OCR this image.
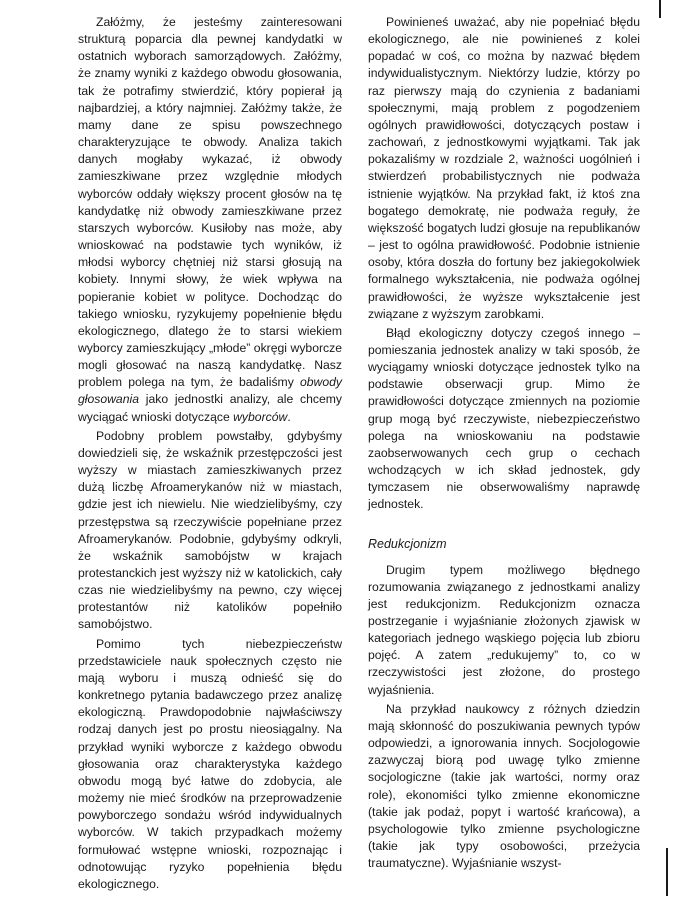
Załóżmy, że jesteśmy zainteresowani strukturą poparcia dla pewnej kandydatki w ostatnich wyborach samorządowych. Załóżmy, że znamy wyniki z każdego obwodu głosowania, tak że potrafimy stwierdzić, który popierał ją najbardziej, a który najmniej. Załóżmy także, że mamy dane ze spisu powszechnego charakteryzujące te obwody. Analiza takich danych mogłaby wykazać, iż obwody zamieszkiwane przez względnie młodych wyborców oddały większy procent głosów na tę kandydatkę niż obwody zamieszkiwane przez starszych wyborców. Kusiłoby nas może, aby wnioskować na podstawie tych wyników, iż młodsi wyborcy chętniej niż starsi głosują na kobiety. Innymi słowy, że wiek wpływa na popieranie kobiet w polityce. Dochodząc do takiego wniosku, ryzykujemy popełnienie błędu ekologicznego, dlatego że to starsi wiekiem wyborcy zamieszkujący „młode” okręgi wyborcze mogli głosować na naszą kandydatkę. Nasz problem polega na tym, że badaliśmy obwody głosowania jako jednostki analizy, ale chcemy wyciągać wnioski dotyczące wyborców.

Podobny problem powstałby, gdybyśmy dowiedzieli się, że wskaźnik przestępczości jest wyższy w miastach zamieszkiwanych przez dużą liczbę Afroamerykanów niż w miastach, gdzie jest ich niewielu. Nie wiedzielibyśmy, czy przestępstwa są rzeczywiście popełniane przez Afroamerykanów. Podobnie, gdybyśmy odkryli, że wskaźnik samobójstw w krajach protestanckich jest wyższy niż w katolickich, cały czas nie wiedzielibyśmy na pewno, czy więcej protestantów niż katolików popełniło samobójstwo.

Pomimo tych niebezpieczeństw przedstawiciele nauk społecznych często nie mają wyboru i muszą odnieść się do konkretnego pytania badawczego przez analizę ekologiczną. Prawdopodobnie najwłaściwszy rodzaj danych jest po prostu nieosiągalny. Na przykład wyniki wyborcze z każdego obwodu głosowania oraz charakterystyka każdego obwodu mogą być łatwe do zdobycia, ale możemy nie mieć środków na przeprowadzenie powyborczego sondażu wśród indywidualnych wyborców. W takich przypadkach możemy formułować wstępne wnioski, rozpoznając i odnotowując ryzyko popełnienia błędu ekologicznego.

Powinieneś uważać, aby nie popełniać błędu ekologicznego, ale nie powinieneś z kolei popadać w coś, co można by nazwać błędem indywidualistycznym. Niektórzy ludzie, którzy po raz pierwszy mają do czynienia z badaniami społecznymi, mają problem z pogodzeniem ogólnych prawidłowości, dotyczących postaw i zachowań, z jednostkowymi wyjątkami. Tak jak pokazaliśmy w rozdziale 2, ważności uogólnień i stwierdzeń probabilistycznych nie podważa istnienie wyjątków. Na przykład fakt, iż ktoś zna bogatego demokratę, nie podważa reguły, że większość bogatych ludzi głosuje na republikanów – jest to ogólna prawidłowość. Podobnie istnienie osoby, która doszła do fortuny bez jakiegokolwiek formalnego wykształcenia, nie podważa ogólnej prawidłowości, że wyższe wykształcenie jest związane z wyższym zarobkami.

Błąd ekologiczny dotyczy czegoś innego – pomieszania jednostek analizy w taki sposób, że wyciągamy wnioski dotyczące jednostek tylko na podstawie obserwacji grup. Mimo że prawidłowości dotyczące zmiennych na poziomie grup mogą być rzeczywiste, niebezpieczeństwo polega na wnioskowaniu na podstawie zaobserwowanych cech grup o cechach wchodzących w ich skład jednostek, gdy tymczasem nie obserwowaliśmy naprawdę jednostek.

Redukcjonizm

Drugim typem możliwego błędnego rozumowania związanego z jednostkami analizy jest redukcjonizm. Redukcjonizm oznacza postrzeganie i wyjaśnianie złożonych zjawisk w kategoriach jednego wąskiego pojęcia lub zbioru pojęć. A zatem „redukujemy” to, co w rzeczywistości jest złożone, do prostego wyjaśnienia.

Na przykład naukowcy z różnych dziedzin mają skłonność do poszukiwania pewnych typów odpowiedzi, a ignorowania innych. Socjologowie zazwyczaj biorą pod uwagę tylko zmienne socjologiczne (takie jak wartości, normy oraz role), ekonomiści tylko zmienne ekonomiczne (takie jak podaż, popyt i wartość krańcowa), a psychologowie tylko zmienne psychologiczne (takie jak typy osobowości, przeżycia traumatyczne). Wyjaśnianie wszyst-
